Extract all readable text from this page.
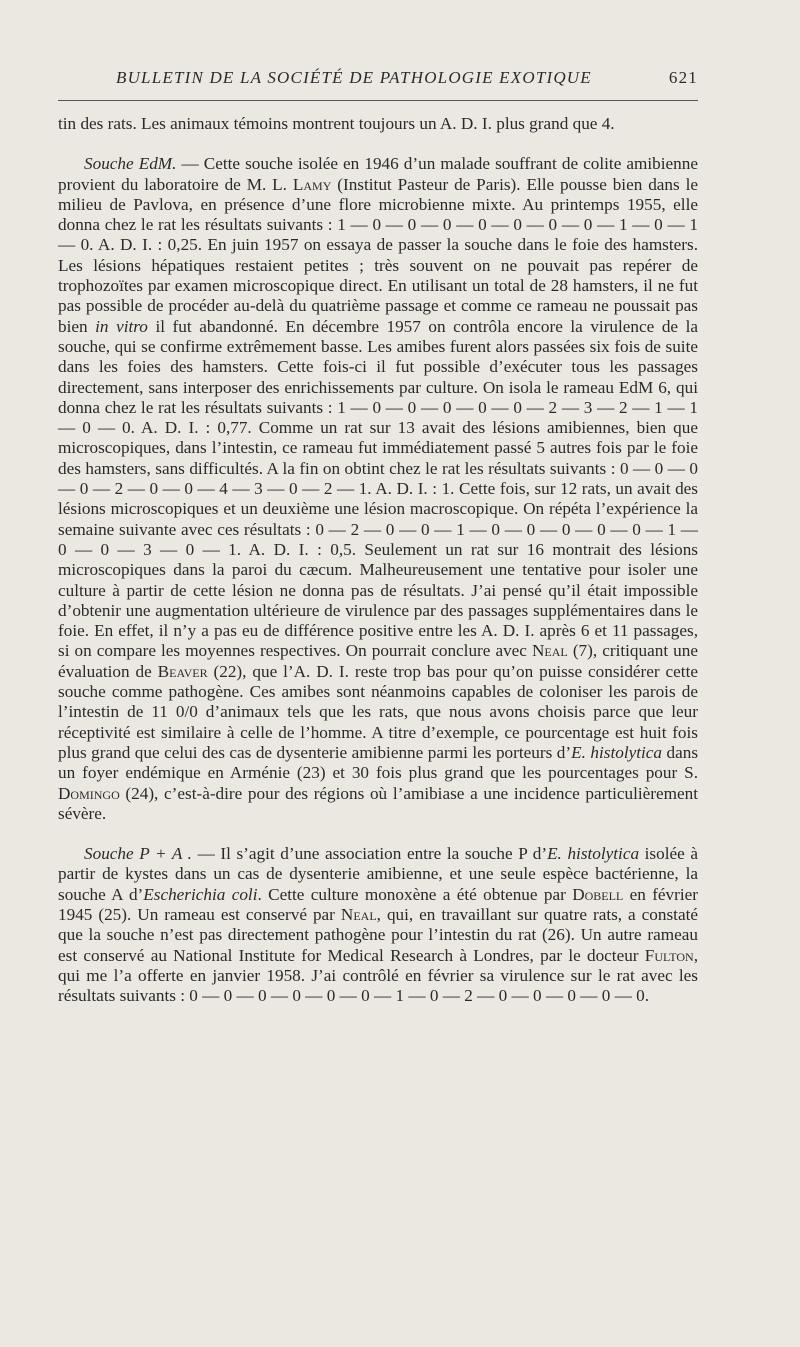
BULLETIN DE LA SOCIÉTÉ DE PATHOLOGIE EXOTIQUE	621

tin des rats. Les animaux témoins montrent toujours un A. D. I. plus grand que 4.

Souche EdM. — Cette souche isolée en 1946 d’un malade souffrant de colite amibienne provient du laboratoire de M. L. Lamy (Institut Pasteur de Paris). Elle pousse bien dans le milieu de Pavlova, en présence d’une flore microbienne mixte. Au printemps 1955, elle donna chez le rat les résultats suivants : 1 — 0 — 0 — 0 — 0 — 0 — 0 — 0 — 1 — 0 — 1 — 0. A. D. I. : 0,25. En juin 1957 on essaya de passer la souche dans le foie des hamsters. Les lésions hépatiques restaient petites ; très souvent on ne pouvait pas repérer de trophozoïtes par examen microscopique direct. En utilisant un total de 28 hamsters, il ne fut pas possible de procéder au-delà du quatrième passage et comme ce rameau ne poussait pas bien in vitro il fut abandonné. En décembre 1957 on contrôla encore la virulence de la souche, qui se confirme extrêmement basse. Les amibes furent alors passées six fois de suite dans les foies des hamsters. Cette fois-ci il fut possible d’exécuter tous les passages directement, sans interposer des enrichissements par culture. On isola le rameau EdM 6, qui donna chez le rat les résultats suivants : 1 — 0 — 0 — 0 — 0 — 0 — 2 — 3 — 2 — 1 — 1 — 0 — 0. A. D. I. : 0,77. Comme un rat sur 13 avait des lésions amibiennes, bien que microscopiques, dans l’intestin, ce rameau fut immédiatement passé 5 autres fois par le foie des hamsters, sans difficultés. A la fin on obtint chez le rat les résultats suivants : 0 — 0 — 0 — 0 — 2 — 0 — 0 — 4 — 3 — 0 — 2 — 1. A. D. I. : 1. Cette fois, sur 12 rats, un avait des lésions microscopiques et un deuxième une lésion macroscopique. On répéta l’expérience la semaine suivante avec ces résultats : 0 — 2 — 0 — 0 — 1 — 0 — 0 — 0 — 0 — 0 — 1 — 0 — 0 — 3 — 0 — 1. A. D. I. : 0,5. Seulement un rat sur 16 montrait des lésions microscopiques dans la paroi du cæcum. Malheureusement une tentative pour isoler une culture à partir de cette lésion ne donna pas de résultats. J’ai pensé qu’il était impossible d’obtenir une augmentation ultérieure de virulence par des passages supplémentaires dans le foie. En effet, il n’y a pas eu de différence positive entre les A. D. I. après 6 et 11 passages, si on compare les moyennes respectives. On pourrait conclure avec Neal (7), critiquant une évaluation de Beaver (22), que l’A. D. I. reste trop bas pour qu’on puisse considérer cette souche comme pathogène. Ces amibes sont néanmoins capables de coloniser les parois de l’intestin de 11 0/0 d’animaux tels que les rats, que nous avons choisis parce que leur réceptivité est similaire à celle de l’homme. A titre d’exemple, ce pourcentage est huit fois plus grand que celui des cas de dysenterie amibienne parmi les porteurs d’E. histolytica dans un foyer endémique en Arménie (23) et 30 fois plus grand que les pourcentages pour S. Domingo (24), c’est-à-dire pour des régions où l’amibiase a une incidence particulièrement sévère.

Souche P + A . — Il s’agit d’une association entre la souche P d’E. histolytica isolée à partir de kystes dans un cas de dysenterie amibienne, et une seule espèce bactérienne, la souche A d’Escherichia coli. Cette culture monoxène a été obtenue par Dobell en février 1945 (25). Un rameau est conservé par Neal, qui, en travaillant sur quatre rats, a constaté que la souche n’est pas directement pathogène pour l’intestin du rat (26). Un autre rameau est conservé au National Institute for Medical Research à Londres, par le docteur Fulton, qui me l’a offerte en janvier 1958. J’ai contrôlé en février sa virulence sur le rat avec les résultats suivants : 0 — 0 — 0 — 0 — 0 — 0 — 1 — 0 — 2 — 0 — 0 — 0 — 0 — 0.
